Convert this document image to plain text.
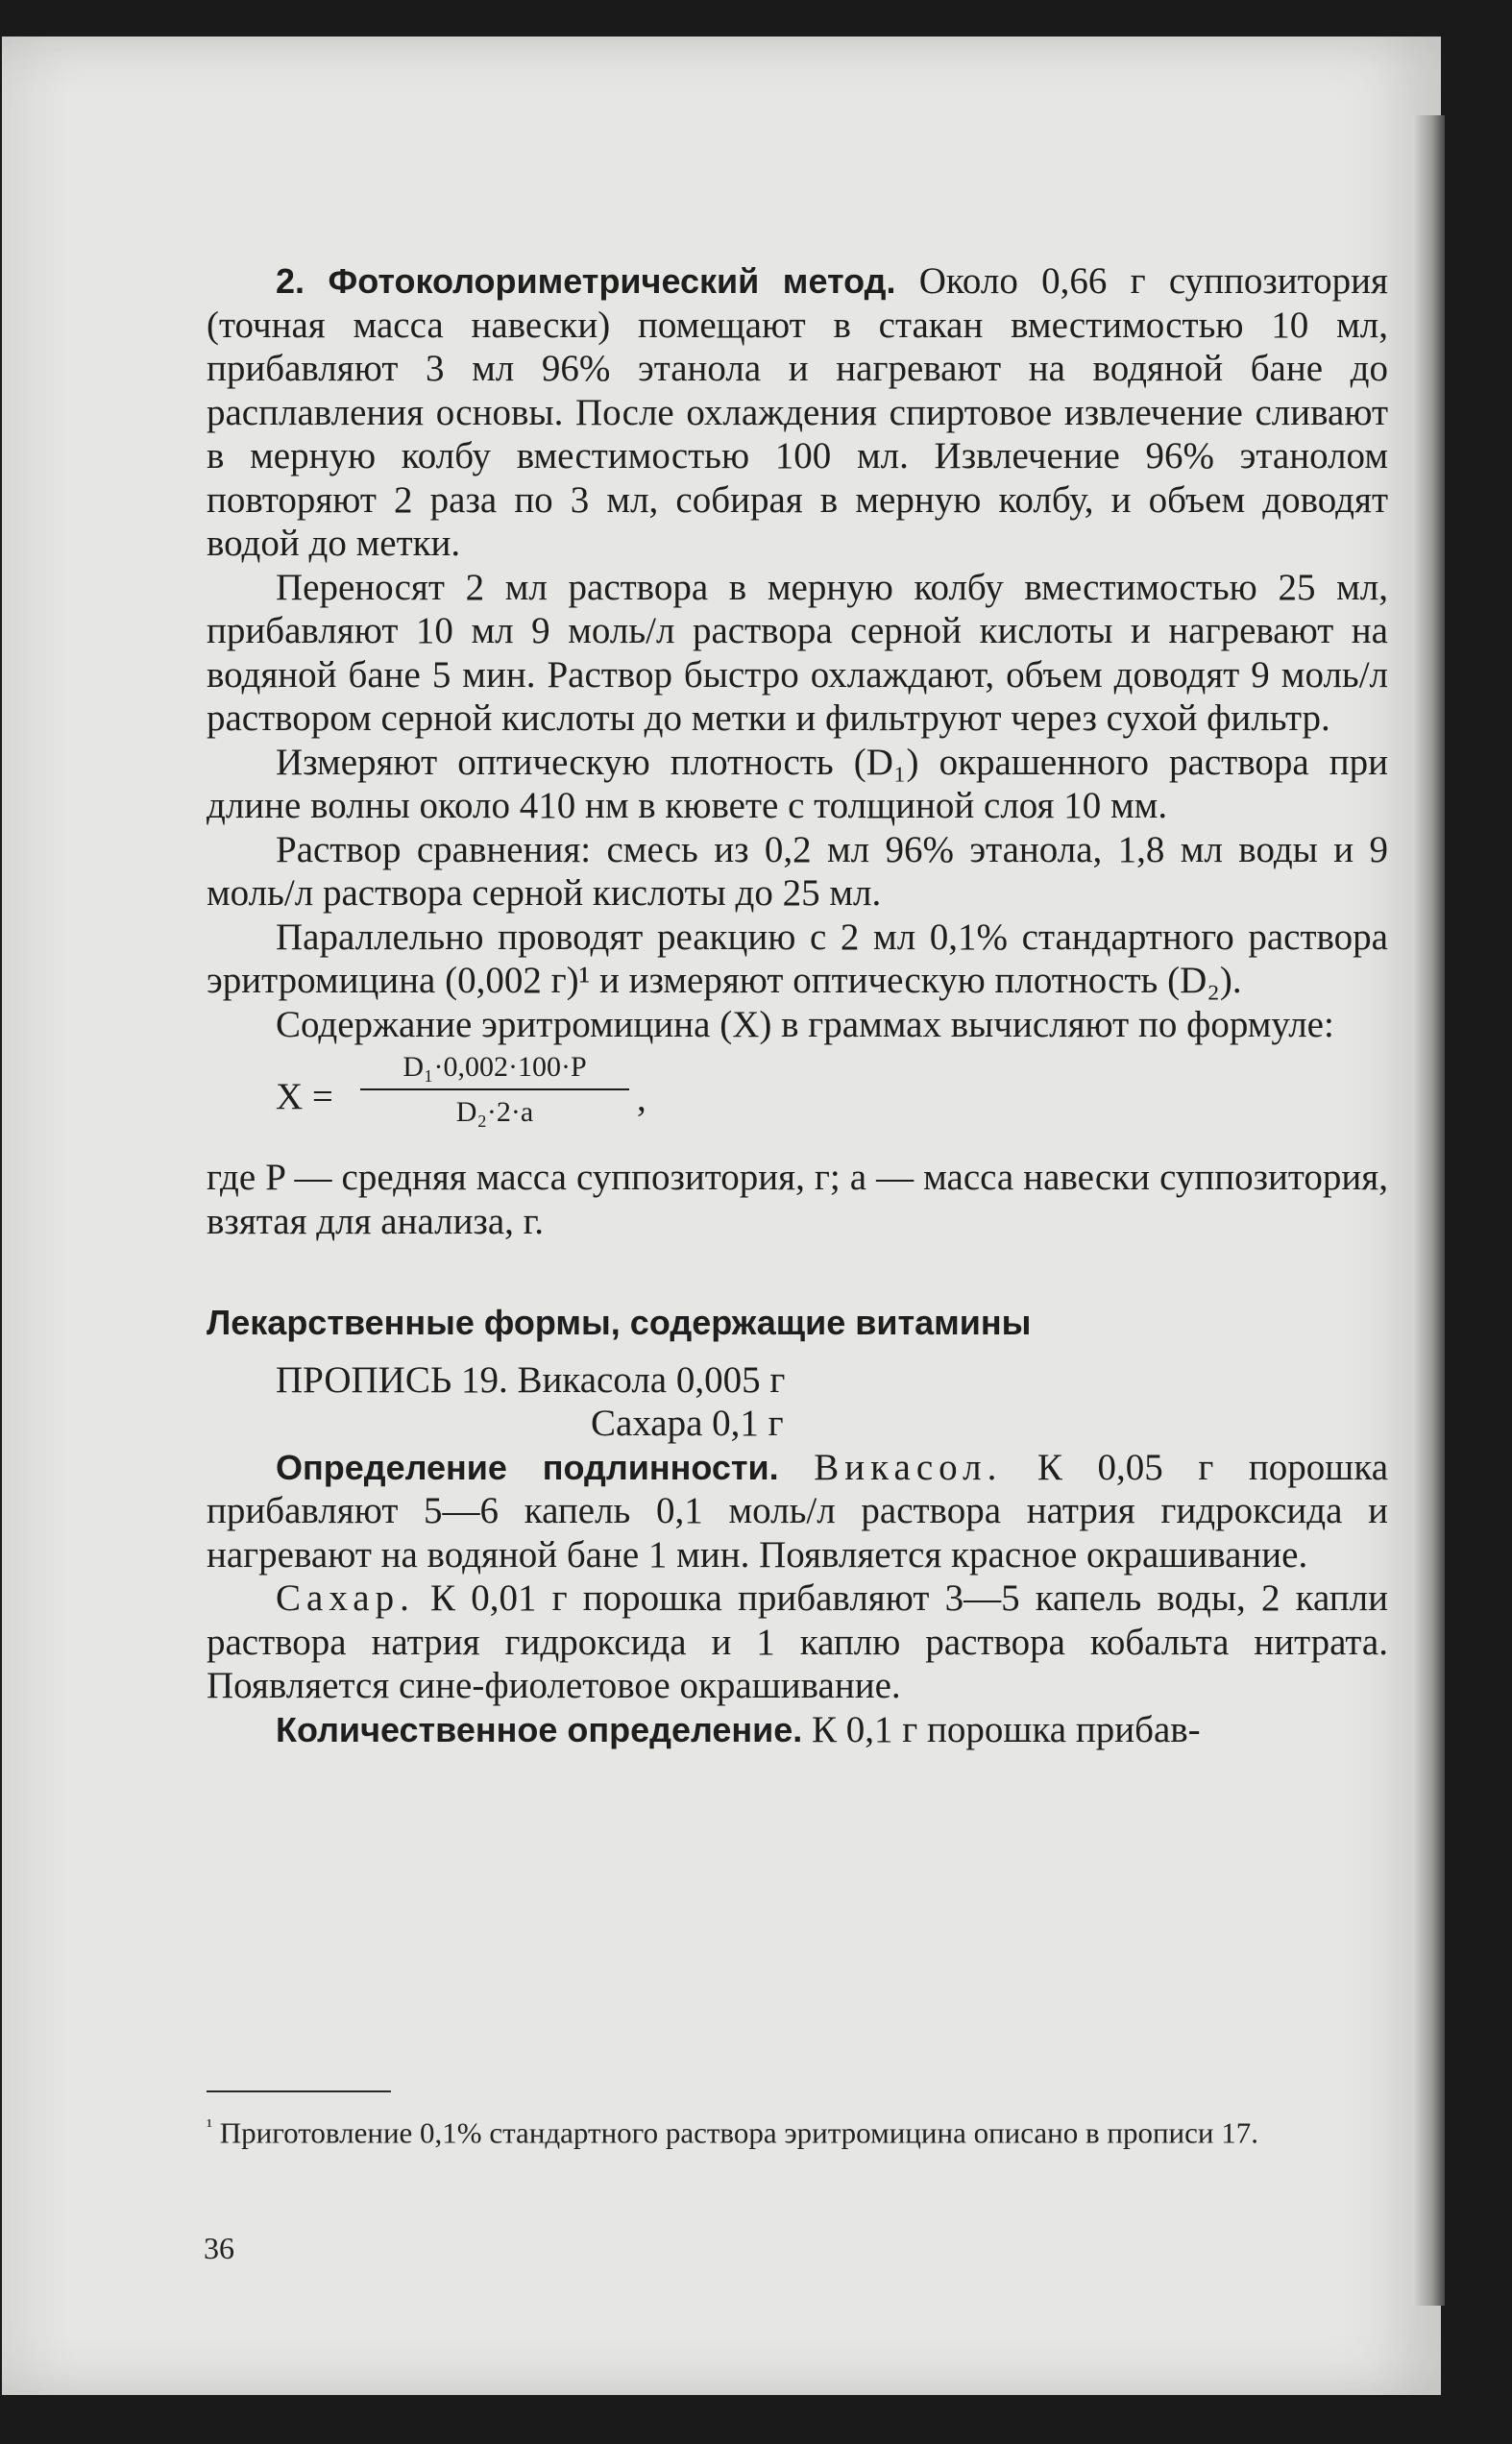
2. Фотоколориметрический метод. Около 0,66 г суппозитория (точная масса навески) помещают в стакан вместимостью 10 мл, прибавляют 3 мл 96% этанола и нагревают на водяной бане до расплавления основы. После охлаждения спиртовое извлечение сливают в мерную колбу вместимостью 100 мл. Извлечение 96% этанолом повторяют 2 раза по 3 мл, собирая в мерную колбу, и объем доводят водой до метки.

Переносят 2 мл раствора в мерную колбу вместимостью 25 мл, прибавляют 10 мл 9 моль/л раствора серной кислоты и нагревают на водяной бане 5 мин. Раствор быстро охлаждают, объем доводят 9 моль/л раствором серной кислоты до метки и фильтруют через сухой фильтр.

Измеряют оптическую плотность (D₁) окрашенного раствора при длине волны около 410 нм в кювете с толщиной слоя 10 мм.

Раствор сравнения: смесь из 0,2 мл 96% этанола, 1,8 мл воды и 9 моль/л раствора серной кислоты до 25 мл.

Параллельно проводят реакцию с 2 мл 0,1% стандартного раствора эритромицина (0,002 г)¹ и измеряют оптическую плотность (D₂).

Содержание эритромицина (X) в граммах вычисляют по формуле:

$X = \frac{\text{D₁·0,002·100·P}}{\text{D₂·2·a}}$ ,

где P — средняя масса суппозитория, г; a — масса навески суппозитория, взятая для анализа, г.

Лекарственные формы, содержащие витамины

ПРОПИСЬ 19. Викасола 0,005 г

Сахара 0,1 г

Определение подлинности. Викасол. К 0,05 г порошка прибавляют 5—6 капель 0,1 моль/л раствора натрия гидроксида и нагревают на водяной бане 1 мин. Появляется красное окрашивание.

Сахар. К 0,01 г порошка прибавляют 3—5 капель воды, 2 капли раствора натрия гидроксида и 1 каплю раствора кобальта нитрата. Появляется сине-фиолетовое окрашивание.

Количественное определение. К 0,1 г порошка прибав-

$^{^1}$ Приготовление 0,1% стандартного раствора эритромицина описано в прописи 17.
36
